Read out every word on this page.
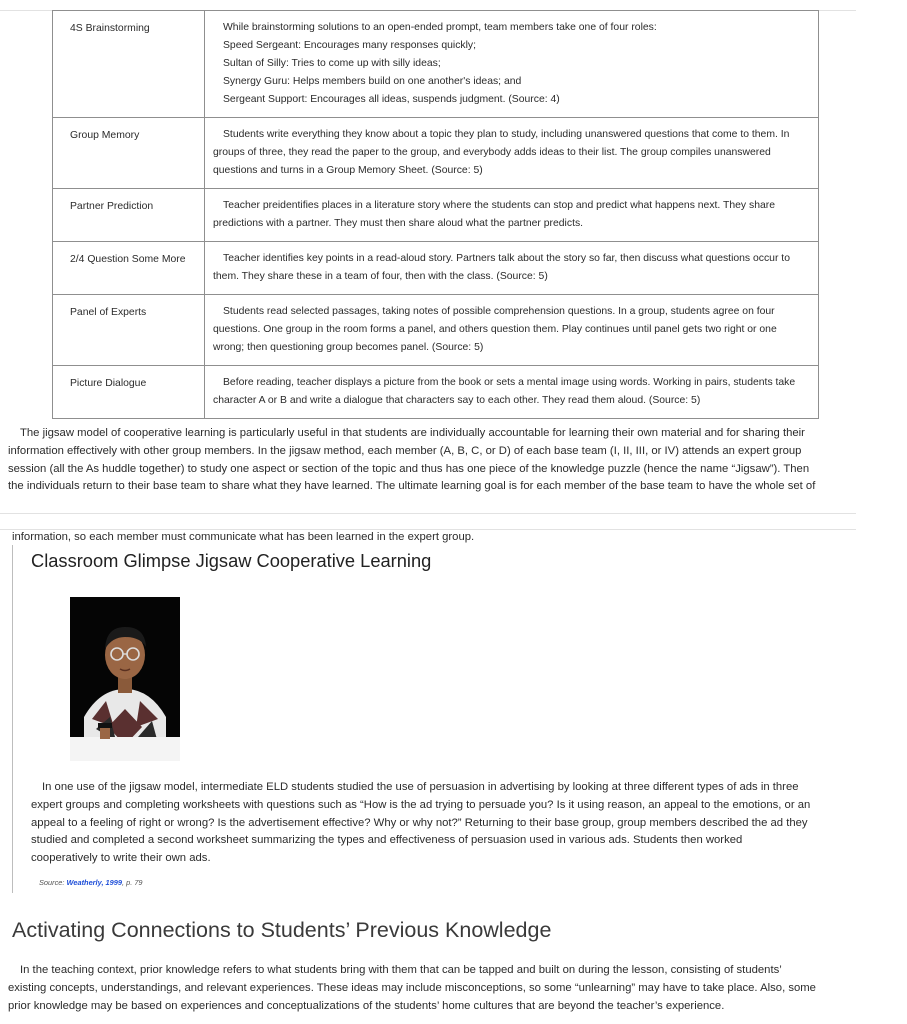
4S Brainstorming	While brainstorming solutions to an open-ended prompt, team members take one of four roles:
Speed Sergeant: Encourages many responses quickly;
Sultan of Silly: Tries to come up with silly ideas;
Synergy Guru: Helps members build on one another's ideas; and
Sergeant Support: Encourages all ideas, suspends judgment. (Source: 4)

Group Memory	Students write everything they know about a topic they plan to study, including unanswered questions that come to them. In
groups of three, they read the paper to the group, and everybody adds ideas to their list. The group compiles unanswered
questions and turns in a Group Memory Sheet. (Source: 5)

Partner Prediction	Teacher preidentifies places in a literature story where the students can stop and predict what happens next. They share
predictions with a partner. They must then share aloud what the partner predicts.

2/4 Question Some More	Teacher identifies key points in a read-aloud story. Partners talk about the story so far, then discuss what questions occur to
them. They share these in a team of four, then with the class. (Source: 5)

Panel of Experts	Students read selected passages, taking notes of possible comprehension questions. In a group, students agree on four
questions. One group in the room forms a panel, and others question them. Play continues until panel gets two right or one
wrong; then questioning group becomes panel. (Source: 5)

Picture Dialogue	Before reading, teacher displays a picture from the book or sets a mental image using words. Working in pairs, students take
character A or B and write a dialogue that characters say to each other. They read them aloud. (Source: 5)
The jigsaw model of cooperative learning is particularly useful in that students are individually accountable for learning their own material and for sharing their
information effectively with other group members. In the jigsaw method, each member (A, B, C, or D) of each base team (I, II, III, or IV) attends an expert group
session (all the As huddle together) to study one aspect or section of the topic and thus has one piece of the knowledge puzzle (hence the name “Jigsaw”). Then
the individuals return to their base team to share what they have learned. The ultimate learning goal is for each member of the base team to have the whole set of
information, so each member must communicate what has been learned in the expert group.
Classroom Glimpse Jigsaw Cooperative Learning
In one use of the jigsaw model, intermediate ELD students studied the use of persuasion in advertising by looking at three different types of ads in three
expert groups and completing worksheets with questions such as “How is the ad trying to persuade you? Is it using reason, an appeal to the emotions, or an
appeal to a feeling of right or wrong? Is the advertisement effective? Why or why not?” Returning to their base group, group members described the ad they
studied and completed a second worksheet summarizing the types and effectiveness of persuasion used in various ads. Students then worked
cooperatively to write their own ads.
Source: Weatherly, 1999, p. 79
Activating Connections to Students’ Previous Knowledge
In the teaching context, prior knowledge refers to what students bring with them that can be tapped and built on during the lesson, consisting of students’
existing concepts, understandings, and relevant experiences. These ideas may include misconceptions, so some “unlearning” may have to take place. Also, some
prior knowledge may be based on experiences and conceptualizations of the students’ home cultures that are beyond the teacher’s experience.
